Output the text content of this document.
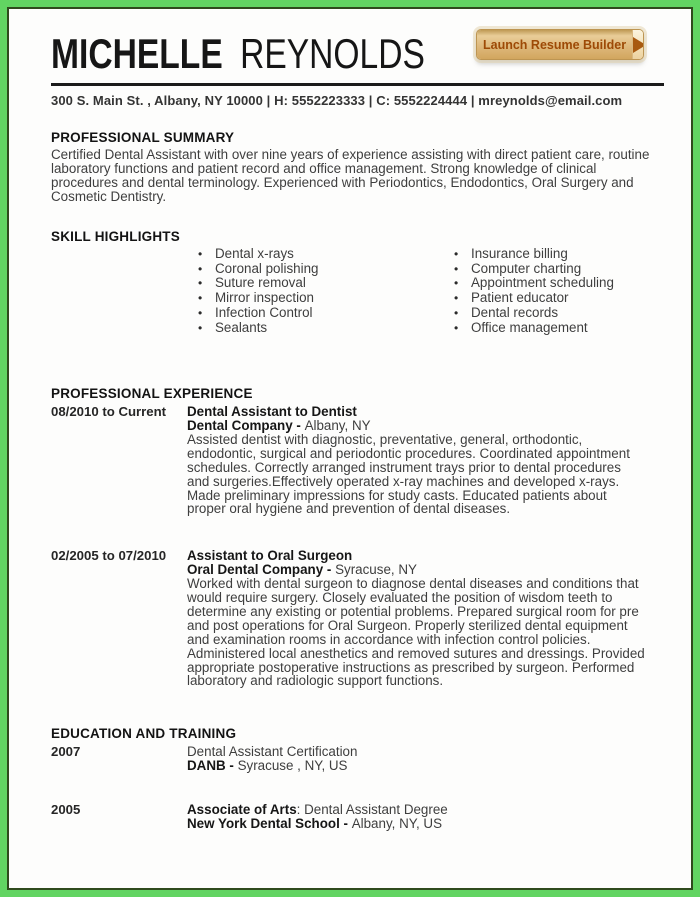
Launch Resume Builder
MICHELLE REYNOLDS
300 S. Main St. , Albany, NY 10000 | H: 5552223333 | C: 5552224444 | mreynolds@email.com
PROFESSIONAL SUMMARY

Certified Dental Assistant with over nine years of experience assisting with direct patient care, routine laboratory functions and patient record and office management. Strong knowledge of clinical procedures and dental terminology. Experienced with Periodontics, Endodontics, Oral Surgery and Cosmetic Dentistry.

SKILL HIGHLIGHTS
• Dental x-rays
• Coronal polishing
• Suture removal
• Mirror inspection
• Infection Control
• Sealants
• Insurance billing
• Computer charting
• Appointment scheduling
• Patient educator
• Dental records
• Office management
PROFESSIONAL EXPERIENCE
08/2010 to Current	Dental Assistant to Dentist
Dental Company - Albany, NY
Assisted dentist with diagnostic, preventative, general, orthodontic, endodontic, surgical and periodontic procedures. Coordinated appointment schedules. Correctly arranged instrument trays prior to dental procedures and surgeries.Effectively operated x-ray machines and developed x-rays. Made preliminary impressions for study casts. Educated patients about proper oral hygiene and prevention of dental diseases.
02/2005 to 07/2010	Assistant to Oral Surgeon
Oral Dental Company - Syracuse, NY
Worked with dental surgeon to diagnose dental diseases and conditions that would require surgery. Closely evaluated the position of wisdom teeth to determine any existing or potential problems. Prepared surgical room for pre and post operations for Oral Surgeon. Properly sterilized dental equipment and examination rooms in accordance with infection control policies. Administered local anesthetics and removed sutures and dressings. Provided appropriate postoperative instructions as prescribed by surgeon. Performed laboratory and radiologic support functions.
EDUCATION AND TRAINING
2007	Dental Assistant Certification
DANB - Syracuse , NY, US
2005	Associate of Arts: Dental Assistant Degree
New York Dental School - Albany, NY, US
